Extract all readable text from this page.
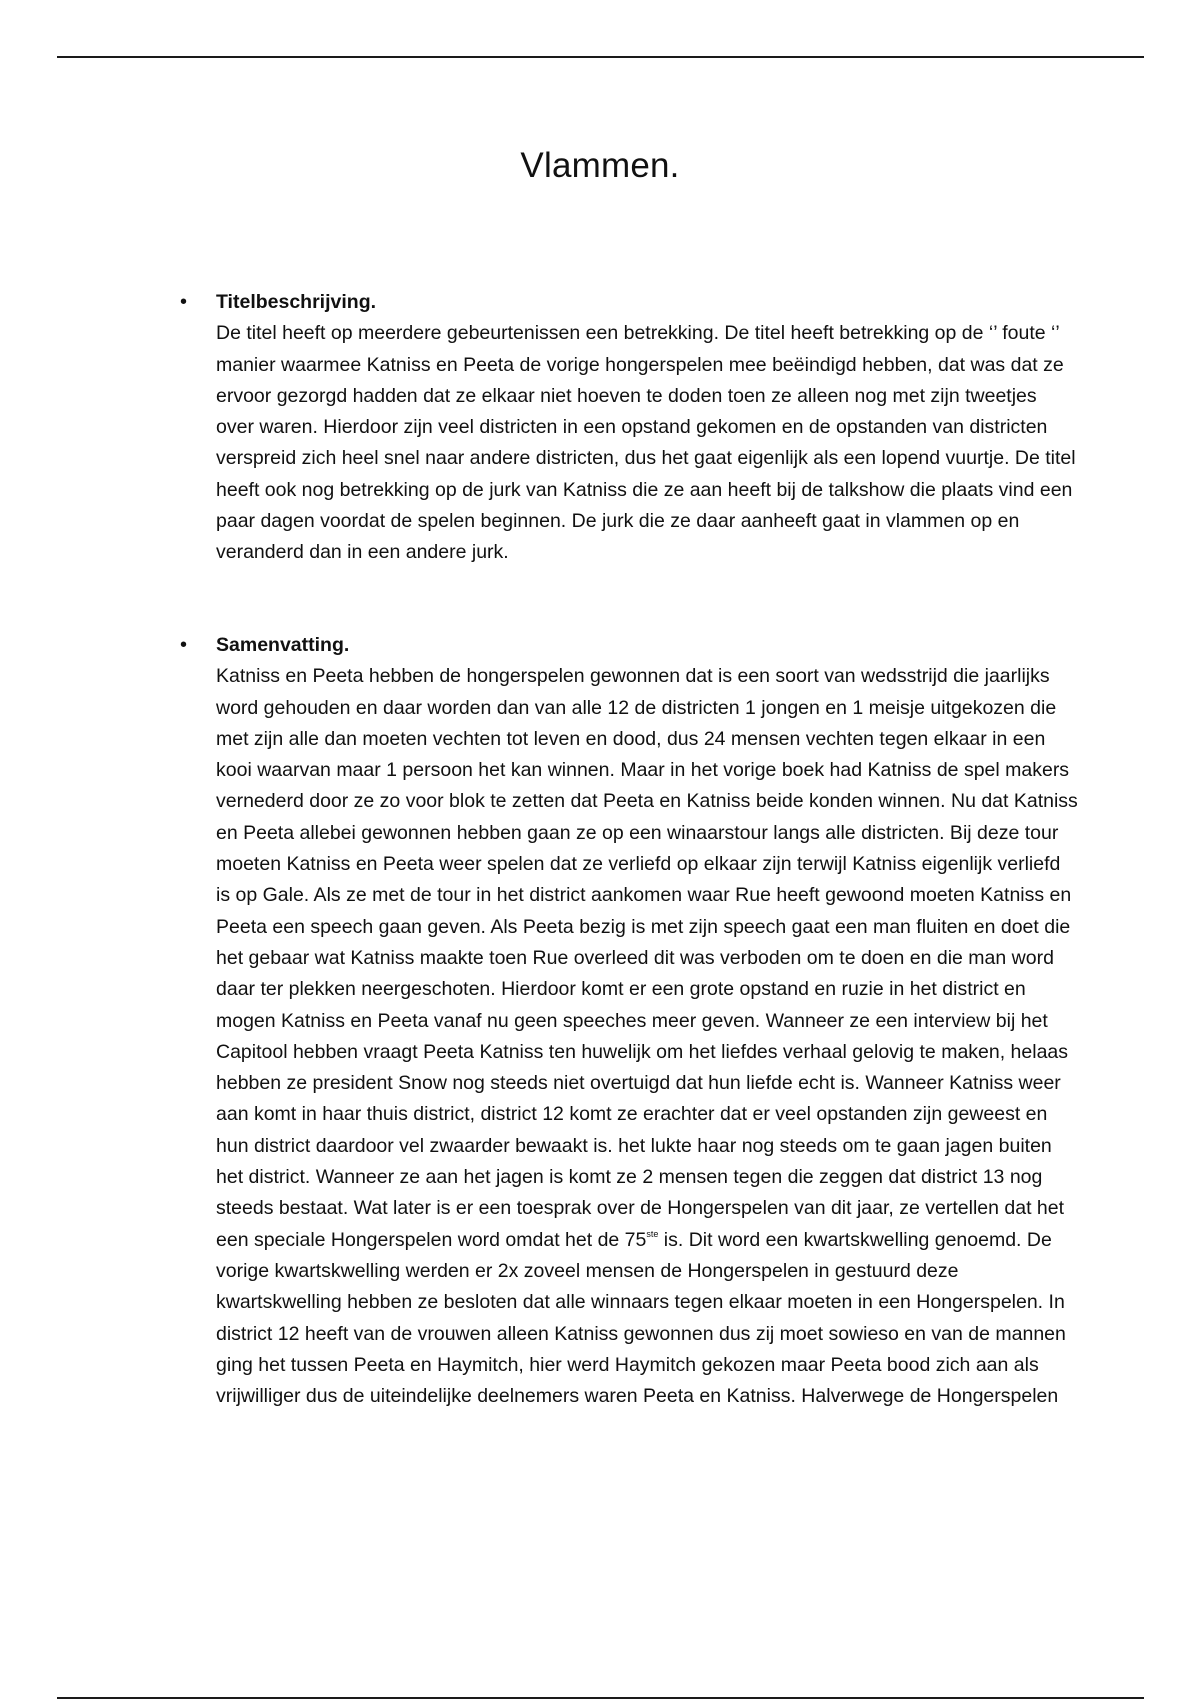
Vlammen.
• Titelbeschrijving.

De titel heeft op meerdere gebeurtenissen een betrekking. De titel heeft betrekking op de ‘’ foute ‘’ manier waarmee Katniss en Peeta de vorige hongerspelen mee beëindigd hebben, dat was dat ze ervoor gezorgd hadden dat ze elkaar niet hoeven te doden toen ze alleen nog met zijn tweetjes over waren. Hierdoor zijn veel districten in een opstand gekomen en de opstanden van districten verspreid zich heel snel naar andere districten, dus het gaat eigenlijk als een lopend vuurtje. De titel heeft ook nog betrekking op de jurk van Katniss die ze aan heeft bij de talkshow die plaats vind een paar dagen voordat de spelen beginnen. De jurk die ze daar aanheeft gaat in vlammen op en veranderd dan in een andere jurk.

• Samenvatting.

Katniss en Peeta hebben de hongerspelen gewonnen dat is een soort van wedsstrijd die jaarlijks word gehouden en daar worden dan van alle 12 de districten 1 jongen en 1 meisje uitgekozen die met zijn alle dan moeten vechten tot leven en dood, dus 24 mensen vechten tegen elkaar in een kooi waarvan maar 1 persoon het kan winnen. Maar in het vorige boek had Katniss de spel makers vernederd door ze zo voor blok te zetten dat Peeta en Katniss beide konden winnen. Nu dat Katniss en Peeta allebei gewonnen hebben gaan ze op een winaarstour langs alle districten. Bij deze tour moeten Katniss en Peeta weer spelen dat ze verliefd op elkaar zijn terwijl Katniss eigenlijk verliefd is op Gale. Als ze met de tour in het district aankomen waar Rue heeft gewoond moeten Katniss en Peeta een speech gaan geven. Als Peeta bezig is met zijn speech gaat een man fluiten en doet die het gebaar wat Katniss maakte toen Rue overleed dit was verboden om te doen en die man word daar ter plekken neergeschoten. Hierdoor komt er een grote opstand en ruzie in het district en mogen Katniss en Peeta vanaf nu geen speeches meer geven. Wanneer ze een interview bij het Capitool hebben vraagt Peeta Katniss ten huwelijk om het liefdes verhaal gelovig te maken, helaas hebben ze president Snow nog steeds niet overtuigd dat hun liefde echt is. Wanneer Katniss weer aan komt in haar thuis district, district 12 komt ze erachter dat er veel opstanden zijn geweest en hun district daardoor vel zwaarder bewaakt is. het lukte haar nog steeds om te gaan jagen buiten het district. Wanneer ze aan het jagen is komt ze 2 mensen tegen die zeggen dat district 13 nog steeds bestaat. Wat later is er een toesprak over de Hongerspelen van dit jaar, ze vertellen dat het een speciale Hongerspelen word omdat het de 75ste is. Dit word een kwartskwelling genoemd. De vorige kwartskwelling werden er 2x zoveel mensen de Hongerspelen in gestuurd deze kwartskwelling hebben ze besloten dat alle winnaars tegen elkaar moeten in een Hongerspelen. In district 12 heeft van de vrouwen alleen Katniss gewonnen dus zij moet sowieso en van de mannen ging het tussen Peeta en Haymitch, hier werd Haymitch gekozen maar Peeta bood zich aan als vrijwilliger dus de uiteindelijke deelnemers waren Peeta en Katniss. Halverwege de Hongerspelen
